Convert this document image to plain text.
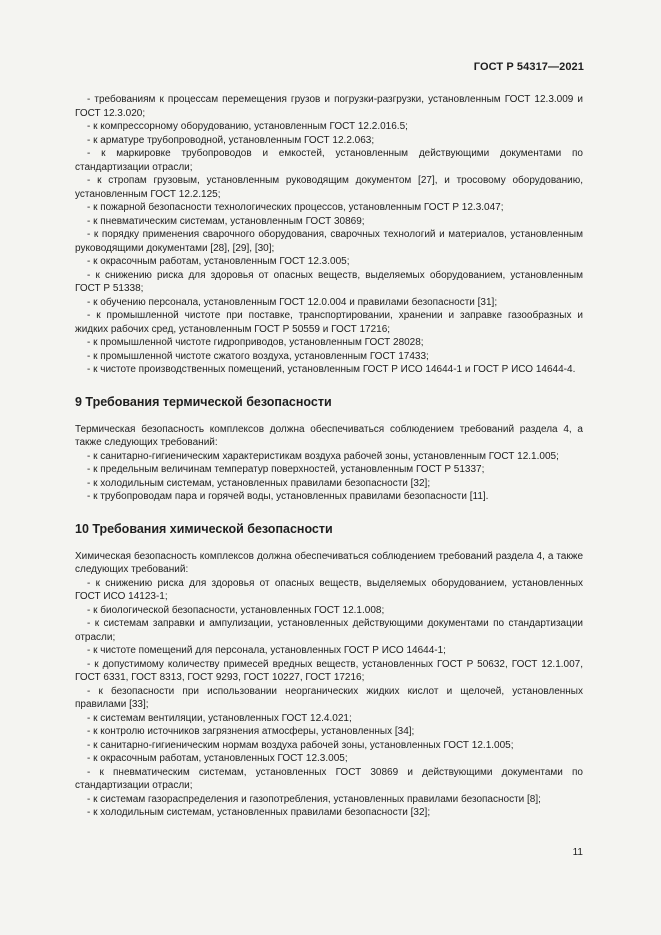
ГОСТ Р 54317—2021

- требованиям к процессам перемещения грузов и погрузки-разгрузки, установленным ГОСТ 12.3.009 и ГОСТ 12.3.020;

- к компрессорному оборудованию, установленным ГОСТ 12.2.016.5;

- к арматуре трубопроводной, установленным ГОСТ 12.2.063;

- к маркировке трубопроводов и емкостей, установленным действующими документами по стандартизации отрасли;

- к стропам грузовым, установленным руководящим документом [27], и тросовому оборудованию, установленным ГОСТ 12.2.125;

- к пожарной безопасности технологических процессов, установленным ГОСТ Р 12.3.047;

- к пневматическим системам, установленным ГОСТ 30869;

- к порядку применения сварочного оборудования, сварочных технологий и материалов, установленным руководящими документами [28], [29], [30];

- к окрасочным работам, установленным ГОСТ 12.3.005;

- к снижению риска для здоровья от опасных веществ, выделяемых оборудованием, установленным ГОСТ Р 51338;

- к обучению персонала, установленным ГОСТ 12.0.004 и правилами безопасности [31];

- к промышленной чистоте при поставке, транспортировании, хранении и заправке газообразных и жидких рабочих сред, установленным ГОСТ Р 50559 и ГОСТ 17216;

- к промышленной чистоте гидроприводов, установленным ГОСТ 28028;

- к промышленной чистоте сжатого воздуха, установленным ГОСТ 17433;

- к чистоте производственных помещений, установленным ГОСТ Р ИСО 14644-1 и ГОСТ Р ИСО 14644-4.

9 Требования термической безопасности

Термическая безопасность комплексов должна обеспечиваться соблюдением требований раздела 4, а также следующих требований:

- к санитарно-гигиеническим характеристикам воздуха рабочей зоны, установленным ГОСТ 12.1.005;

- к предельным величинам температур поверхностей, установленным ГОСТ Р 51337;

- к холодильным системам, установленных правилами безопасности [32];

- к трубопроводам пара и горячей воды, установленных правилами безопасности [11].

10 Требования химической безопасности

Химическая безопасность комплексов должна обеспечиваться соблюдением требований раздела 4, а также следующих требований:

- к снижению риска для здоровья от опасных веществ, выделяемых оборудованием, установленных ГОСТ ИСО 14123-1;

- к биологической безопасности, установленных ГОСТ 12.1.008;

- к системам заправки и ампулизации, установленных действующими документами по стандартизации отрасли;

- к чистоте помещений для персонала, установленных ГОСТ Р ИСО 14644-1;

- к допустимому количеству примесей вредных веществ, установленных ГОСТ Р 50632, ГОСТ 12.1.007, ГОСТ 6331, ГОСТ 8313, ГОСТ 9293, ГОСТ 10227, ГОСТ 17216;

- к безопасности при использовании неорганических жидких кислот и щелочей, установленных правилами [33];

- к системам вентиляции, установленных ГОСТ 12.4.021;

- к контролю источников загрязнения атмосферы, установленных [34];

- к санитарно-гигиеническим нормам воздуха рабочей зоны, установленных ГОСТ 12.1.005;

- к окрасочным работам, установленных ГОСТ 12.3.005;

- к пневматическим системам, установленных ГОСТ 30869 и действующими документами по стандартизации отрасли;

- к системам газораспределения и газопотребления, установленных правилами безопасности [8];

- к холодильным системам, установленных правилами безопасности [32];

11
